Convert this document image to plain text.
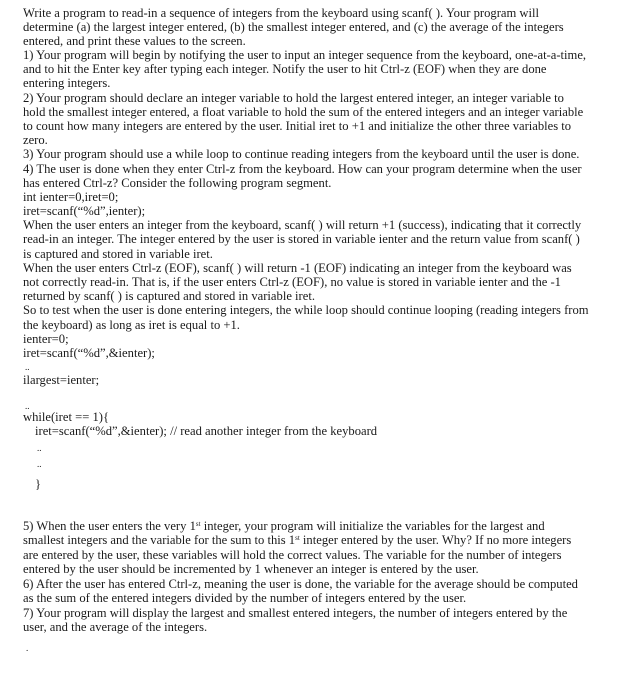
Write a program to read-in a sequence of integers from the keyboard using scanf( ). Your program will
determine (a) the largest integer entered, (b) the smallest integer entered, and (c) the average of the integers
entered, and print these values to the screen.
1) Your program will begin by notifying the user to input an integer sequence from the keyboard, one-at-a-time,
and to hit the Enter key after typing each integer. Notify the user to hit Ctrl-z (EOF) when they are done
entering integers.
2) Your program should declare an integer variable to hold the largest entered integer, an integer variable to
hold the smallest integer entered, a float variable to hold the sum of the entered integers and an integer variable
to count how many integers are entered by the user. Initial iret to +1 and initialize the other three variables to
zero.
3) Your program should use a while loop to continue reading integers from the keyboard until the user is done.
4) The user is done when they enter Ctrl-z from the keyboard. How can your program determine when the user
has entered Ctrl-z? Consider the following program segment.
int ienter=0,iret=0;
iret=scanf(“%d”,ienter);
When the user enters an integer from the keyboard, scanf( ) will return +1 (success), indicating that it correctly
read-in an integer. The integer entered by the user is stored in variable ienter and the return value from scanf( )
is captured and stored in variable iret.
When the user enters Ctrl-z (EOF), scanf( ) will return -1 (EOF) indicating an integer from the keyboard was
not correctly read-in. That is, if the user enters Ctrl-z (EOF), no value is stored in variable ienter and the -1
returned by scanf( ) is captured and stored in variable iret.
So to test when the user is done entering integers, the while loop should continue looping (reading integers from
the keyboard) as long as iret is equal to +1.
ienter=0;
iret=scanf(“%d”,&ienter);
..
ilargest=ienter;
..
while(iret == 1){
iret=scanf(“%d”,&ienter); // read another integer from the keyboard
..
..
}
5) When the user enters the very 1st integer, your program will initialize the variables for the largest and
smallest integers and the variable for the sum to this 1st integer entered by the user. Why? If no more integers
are entered by the user, these variables will hold the correct values. The variable for the number of integers
entered by the user should be incremented by 1 whenever an integer is entered by the user.
6) After the user has entered Ctrl-z, meaning the user is done, the variable for the average should be computed
as the sum of the entered integers divided by the number of integers entered by the user.
7) Your program will display the largest and smallest entered integers, the number of integers entered by the
user, and the average of the integers.
.
